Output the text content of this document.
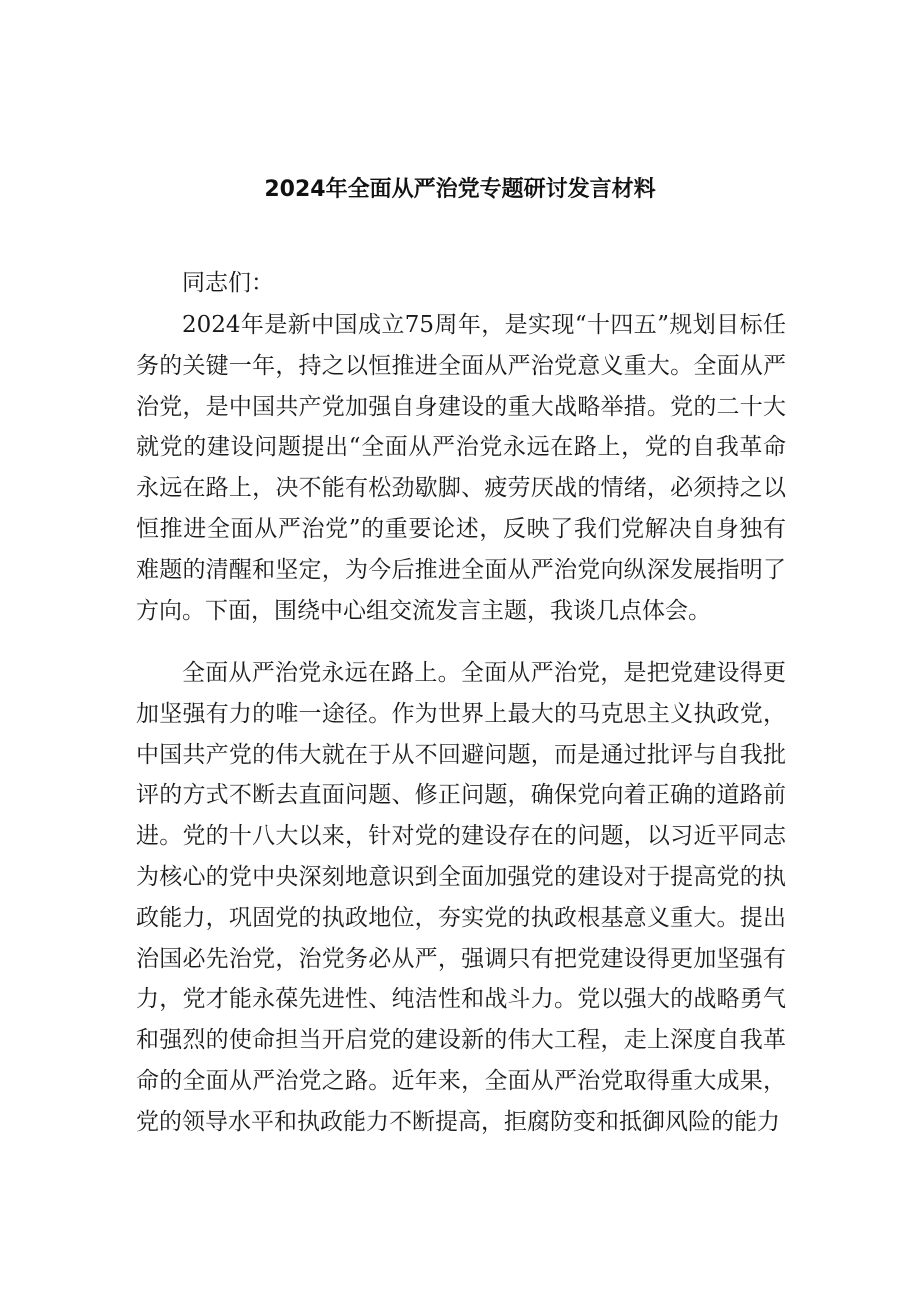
2024年全面从严治党专题研讨发言材料

同志们：

2024年是新中国成立75周年，是实现“十四五”规划目标任务的关键一年，持之以恒推进全面从严治党意义重大。全面从严治党，是中国共产党加强自身建设的重大战略举措。党的二十大就党的建设问题提出“全面从严治党永远在路上，党的自我革命永远在路上，决不能有松劲歇脚、疲劳厌战的情绪，必须持之以恒推进全面从严治党”的重要论述，反映了我们党解决自身独有难题的清醒和坚定，为今后推进全面从严治党向纵深发展指明了方向。下面，围绕中心组交流发言主题，我谈几点体会。

全面从严治党永远在路上。全面从严治党，是把党建设得更加坚强有力的唯一途径。作为世界上最大的马克思主义执政党，中国共产党的伟大就在于从不回避问题，而是通过批评与自我批评的方式不断去直面问题、修正问题，确保党向着正确的道路前进。党的十八大以来，针对党的建设存在的问题，以习近平同志为核心的党中央深刻地意识到全面加强党的建设对于提高党的执政能力，巩固党的执政地位，夯实党的执政根基意义重大。提出治国必先治党，治党务必从严，强调只有把党建设得更加坚强有力，党才能永葆先进性、纯洁性和战斗力。党以强大的战略勇气和强烈的使命担当开启党的建设新的伟大工程，走上深度自我革命的全面从严治党之路。近年来，全面从严治党取得重大成果，党的领导水平和执政能力不断提高，拒腐防变和抵御风险的能力
